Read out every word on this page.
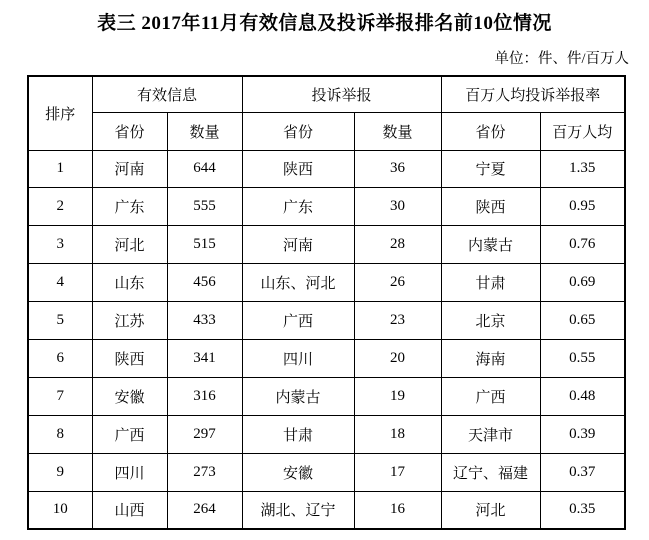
表三 2017年11月有效信息及投诉举报排名前10位情况
单位：件、件/百万人
排序	有效信息		投诉举报		百万人均投诉举报率	
	省份	数量	省份	数量	省份	百万人均
1	河南	644	陕西	36	宁夏	1.35
2	广东	555	广东	30	陕西	0.95
3	河北	515	河南	28	内蒙古	0.76
4	山东	456	山东、河北	26	甘肃	0.69
5	江苏	433	广西	23	北京	0.65
6	陕西	341	四川	20	海南	0.55
7	安徽	316	内蒙古	19	广西	0.48
8	广西	297	甘肃	18	天津市	0.39
9	四川	273	安徽	17	辽宁、福建	0.37
10	山西	264	湖北、辽宁	16	河北	0.35
